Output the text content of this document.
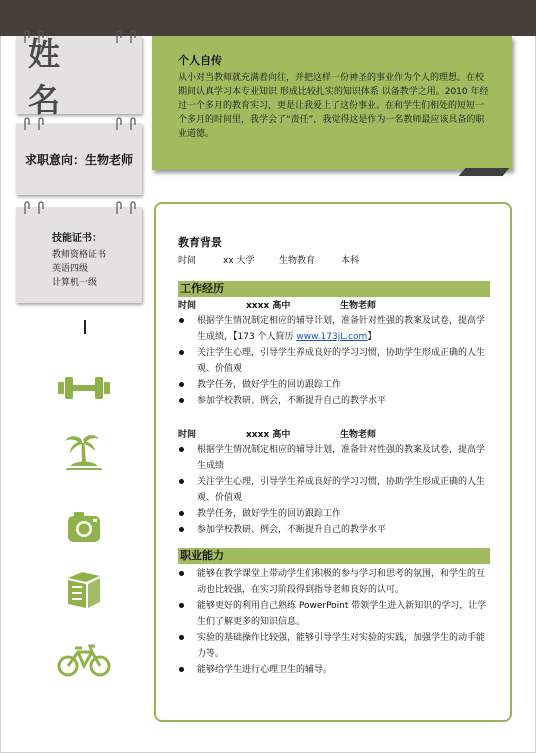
姓 名
求职意向：生物老师
技能证书：
教师资格证书
英语四级
计算机一级
个人自传
从小对当教师就充满着向往，并把这样一份神圣的事业作为个人的理想。在校期间认真学习本专业知识 形成比较扎实的知识体系 以备教学之用。2010 年经过一个多月的教育实习，更是让我爱上了这份事业。在和学生们相处的短短一个多月的时间里，我学会了“责任”，我觉得这是作为一名教师最应该具备的职业道德。
教育背景
时间	xx 大学	生物教育	本科
工作经历
时间	xxxx 高中	生物老师
根据学生情况制定相应的辅导计划，准备针对性强的教案及试卷，提高学生成绩，【173 个人简历 www.173jL.com】
关注学生心理，引导学生养成良好的学习习惯，协助学生形成正确的人生观、价值观
教学任务，做好学生的回访跟踪工作
参加学校教研、例会，不断提升自己的教学水平
时间	xxxx 高中	生物老师
根据学生情况制定相应的辅导计划，准备针对性强的教案及试卷，提高学生成绩
关注学生心理，引导学生养成良好的学习习惯，协助学生形成正确的人生观、价值观
教学任务，做好学生的回访跟踪工作
参加学校教研、例会，不断提升自己的教学水平
职业能力
能够在教学课堂上带动学生们积极的参与学习和思考的氛围，和学生的互动也比较强，在实习阶段得到指导老师良好的认可。
能够更好的利用自己熟练 PowerPoint 带领学生进入新知识的学习，让学生们了解更多的知识信息。
实验的基础操作比较强，能够引导学生对实验的实践，加强学生的动手能力等。
能够给学生进行心理卫生的辅导。
